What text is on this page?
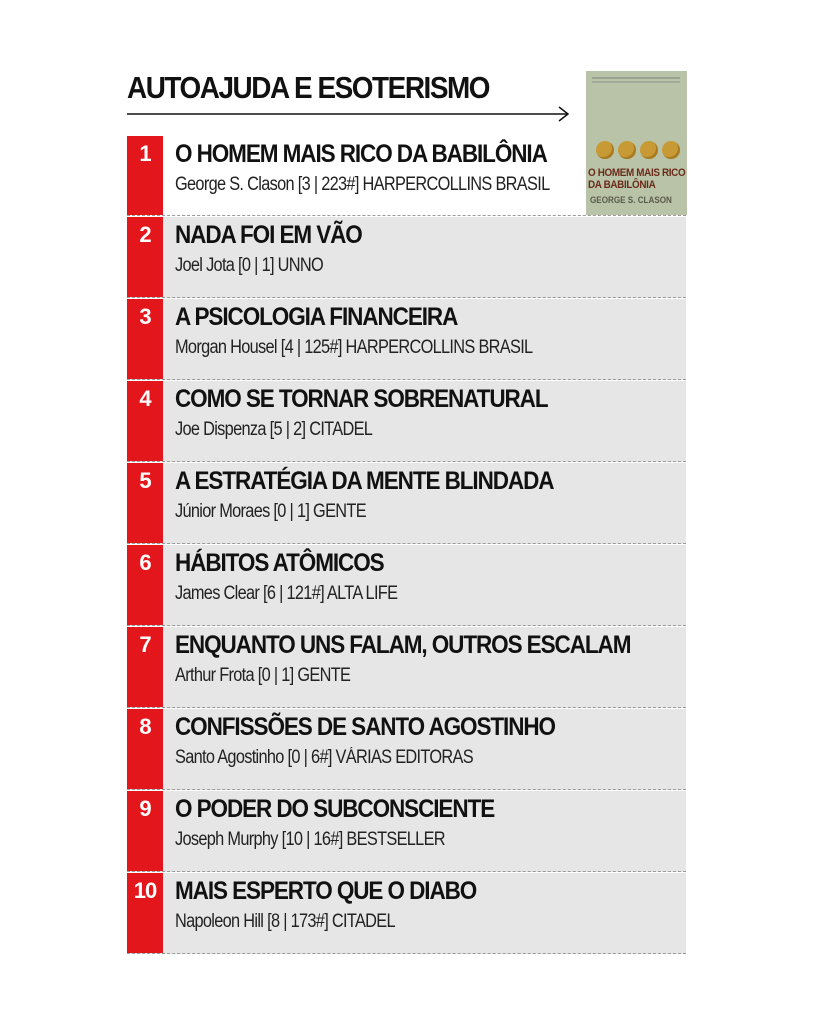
AUTOAJUDA E ESOTERISMO
O HOMEM MAIS RICO DA BABILÔNIA
GEORGE S. CLASON
1 O HOMEM MAIS RICO DA BABILÔNIA
George S. Clason [3 | 223#] HARPERCOLLINS BRASIL
2 NADA FOI EM VÃO
Joel Jota [0 | 1] UNNO
3 A PSICOLOGIA FINANCEIRA
Morgan Housel [4 | 125#] HARPERCOLLINS BRASIL
4 COMO SE TORNAR SOBRENATURAL
Joe Dispenza [5 | 2] CITADEL
5 A ESTRATÉGIA DA MENTE BLINDADA
Júnior Moraes [0 | 1] GENTE
6 HÁBITOS ATÔMICOS
James Clear [6 | 121#] ALTA LIFE
7 ENQUANTO UNS FALAM, OUTROS ESCALAM
Arthur Frota [0 | 1] GENTE
8 CONFISSÕES DE SANTO AGOSTINHO
Santo Agostinho [0 | 6#] VÁRIAS EDITORAS
9 O PODER DO SUBCONSCIENTE
Joseph Murphy [10 | 16#] BESTSELLER
10 MAIS ESPERTO QUE O DIABO
Napoleon Hill [8 | 173#] CITADEL
